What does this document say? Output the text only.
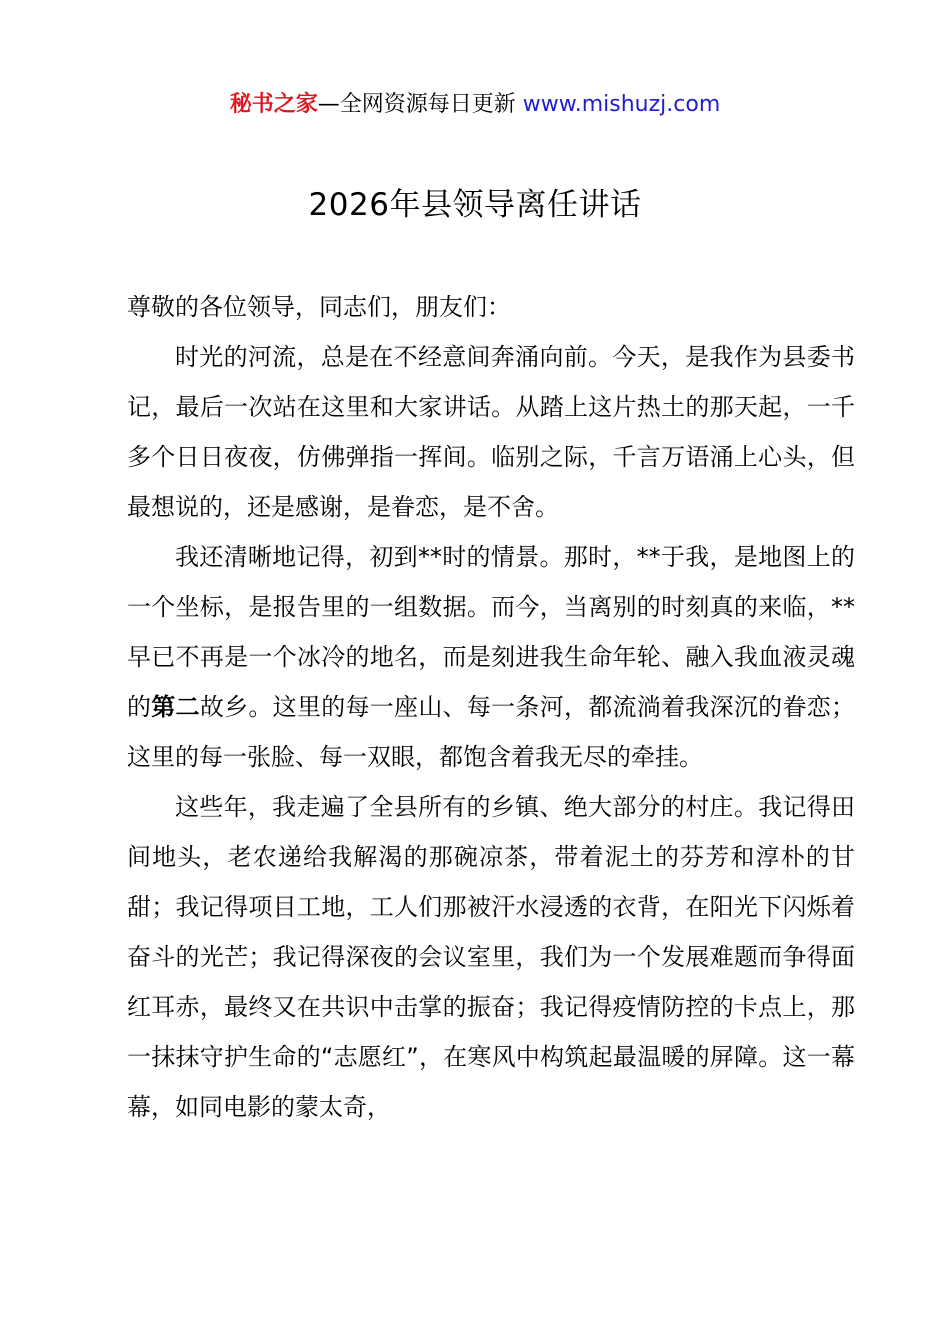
秘书之家—全网资源每日更新 www.mishuzj.com
2026年县领导离任讲话

尊敬的各位领导，同志们，朋友们：

时光的河流，总是在不经意间奔涌向前。今天，是我作为县委书记，最后一次站在这里和大家讲话。从踏上这片热土的那天起，一千多个日日夜夜，仿佛弹指一挥间。临别之际，千言万语涌上心头，但最想说的，还是感谢，是眷恋，是不舍。

我还清晰地记得，初到**时的情景。那时，**于我，是地图上的一个坐标，是报告里的一组数据。而今，当离别的时刻真的来临，**早已不再是一个冰冷的地名，而是刻进我生命年轮、融入我血液灵魂的第二故乡。这里的每一座山、每一条河，都流淌着我深沉的眷恋；这里的每一张脸、每一双眼，都饱含着我无尽的牵挂。

这些年，我走遍了全县所有的乡镇、绝大部分的村庄。我记得田间地头，老农递给我解渴的那碗凉茶，带着泥土的芬芳和淳朴的甘甜；我记得项目工地，工人们那被汗水浸透的衣背，在阳光下闪烁着奋斗的光芒；我记得深夜的会议室里，我们为一个发展难题而争得面红耳赤，最终又在共识中击掌的振奋；我记得疫情防控的卡点上，那一抹抹守护生命的“志愿红”，在寒风中构筑起最温暖的屏障。这一幕幕，如同电影的蒙太奇，
